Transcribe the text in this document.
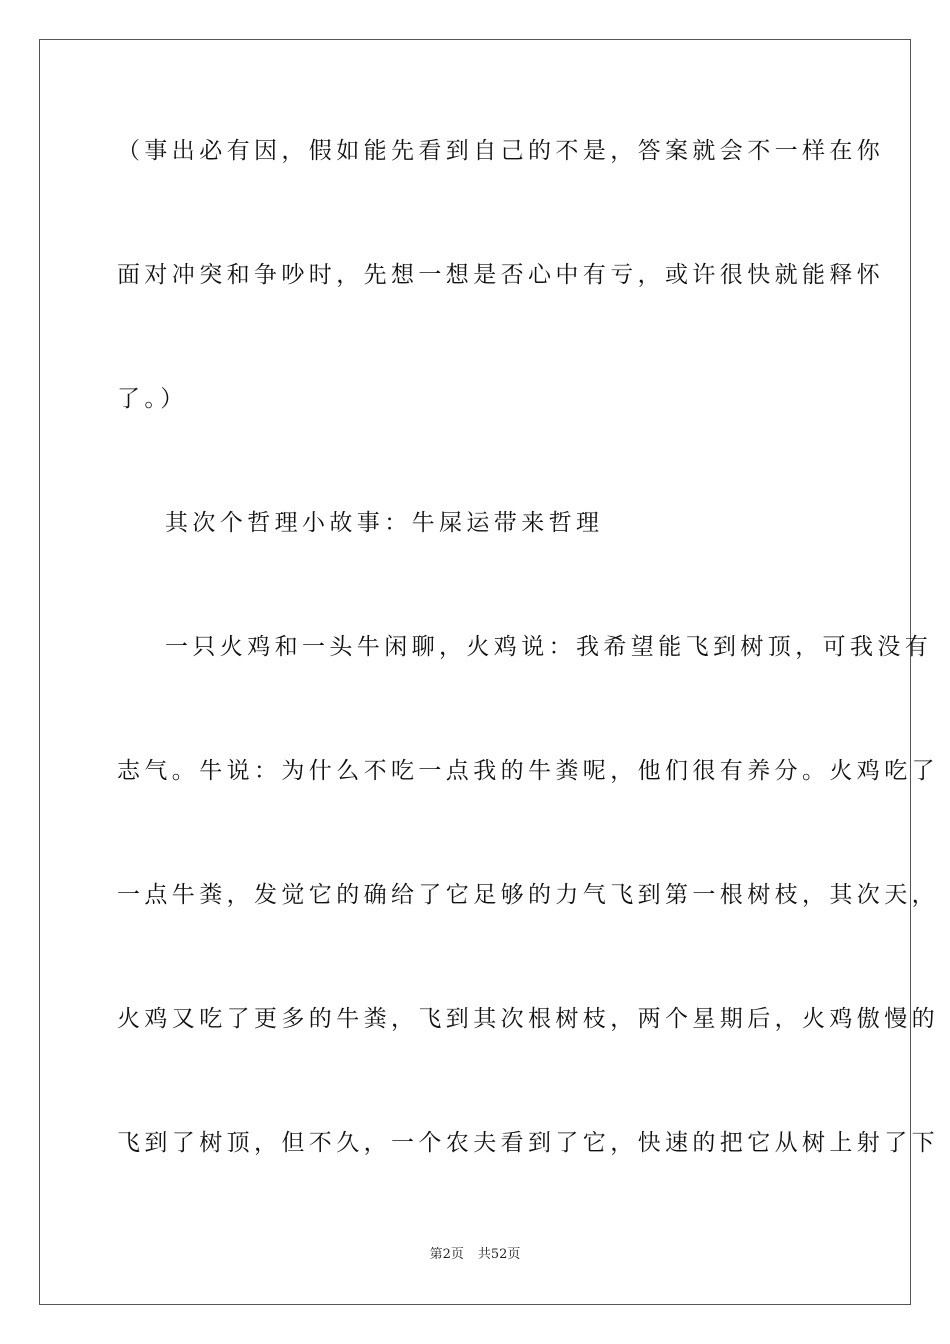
（事出必有因，假如能先看到自己的不是，答案就会不一样在你
面对冲突和争吵时，先想一想是否心中有亏，或许很快就能释怀
了。）
其次个哲理小故事：牛屎运带来哲理
一只火鸡和一头牛闲聊，火鸡说：我希望能飞到树顶，可我没有
志气。牛说：为什么不吃一点我的牛粪呢，他们很有养分。火鸡吃了
一点牛粪，发觉它的确给了它足够的力气飞到第一根树枝，其次天，
火鸡又吃了更多的牛粪，飞到其次根树枝，两个星期后，火鸡傲慢的
飞到了树顶，但不久，一个农夫看到了它，快速的把它从树上射了下
第2页 共52页
